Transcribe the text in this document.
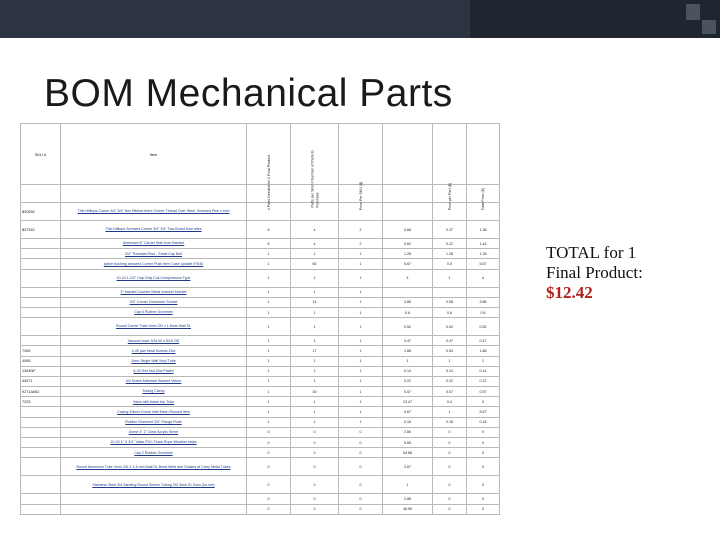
BOM Mechanical Parts
TOTAL for 1
Final Product:
$12.42
SKU #	Item	# Parts Needed for 1 Final Product	Parts per SKU # Number of Parts to Purchase	Price Per SKU ($)		Price per Part ($)	Total Price ($)

$30652	Thin Hilltops Cursor 3/4" 3/4" Hex Ribbon there Corner Thread Over Steel, Screwed Pine x inch						
$37542	Thin Hilltops Screwed Corner 3/4" 3/4" Two-Bored from sites	6	4	2	0.68	0.37	1.36
	Aluminum 6" Carrier Side from Blanket	6	4	2	0.62	0.22	1.44
	3/4" Threaded Rod - Small Cap Bolt	1	1	1	1.28	1.28	1.28
	spline bushing armored Corner Push Item Case Update 97040	1	60	1	5.67	0.5	5.67
	10-24 1-1/2" Cap Only Coil-Compression Type	1	1	1	4	1	4
	2" bracket Counter Metal channel bracket	1	1	1			
	3/4" Corner Connector Socket	1	14	1	3.86	0.08	3.86
	Cap 6 Rubber Grommet	1	1	1	0.6	0.6	0.6
	Round Corner Tube 3mm OD x 1.6mm Wall SL	1	1	1	0.52	0.52	0.52
	Vacuum hose 3/16 ID x 5/16 OD	1	1	1	0.47	0.47	0.47
7265	4-40 pan head Screws Zinc	1	17	1	1.88	0.53	1.88
4065	2mm Single Wall Vinyl Tube	1	1	1	1	1	1
1364NF	6-32 Hex Nut Zinc Plated	1	1	1	0.14	0.14	0.14
44571	3/4 Screw Adhesive Backed Velcro	1	1	1	0.22	0.22	0.22
9271A652	Tubing Clamp	1	30	1	0.57	0.57	0.57
7225	Valve with frame trip Tube	1	1	1	13.47	0.4	0
	Casing 3/4mm Dome Inlet Mesh Reused Item	1	1	1	5.67	1	5.67
	Rubber Grommet 3/4" Flange Rods	1	1	1	0.16	0.16	0.16
	Dome 4" 2" Clear Acrylic Sheet	0	0	0	2.66	0	0
	10-24 1" X 3/4" Valve PVC Foam Rope Weather strips	0	0	0	5.66	0	0
	Cap 2 Rubber Grommet	0	0	0	54.88	0	0
	Round Aluminum Tube 3mm OD X 1.6 mm Wall SL Bend Weld and Shakes at Carry Metal Tubes	0	0	0	3.67	0	0
	Stainless Steel 3/4 Sanding Round Sleeve Tubing OD 3mm ID 2mm (Do not)	0	0	0	1	0	0
		0	0	0	2.88	0	0
		0	0	0	48.55	0	0
